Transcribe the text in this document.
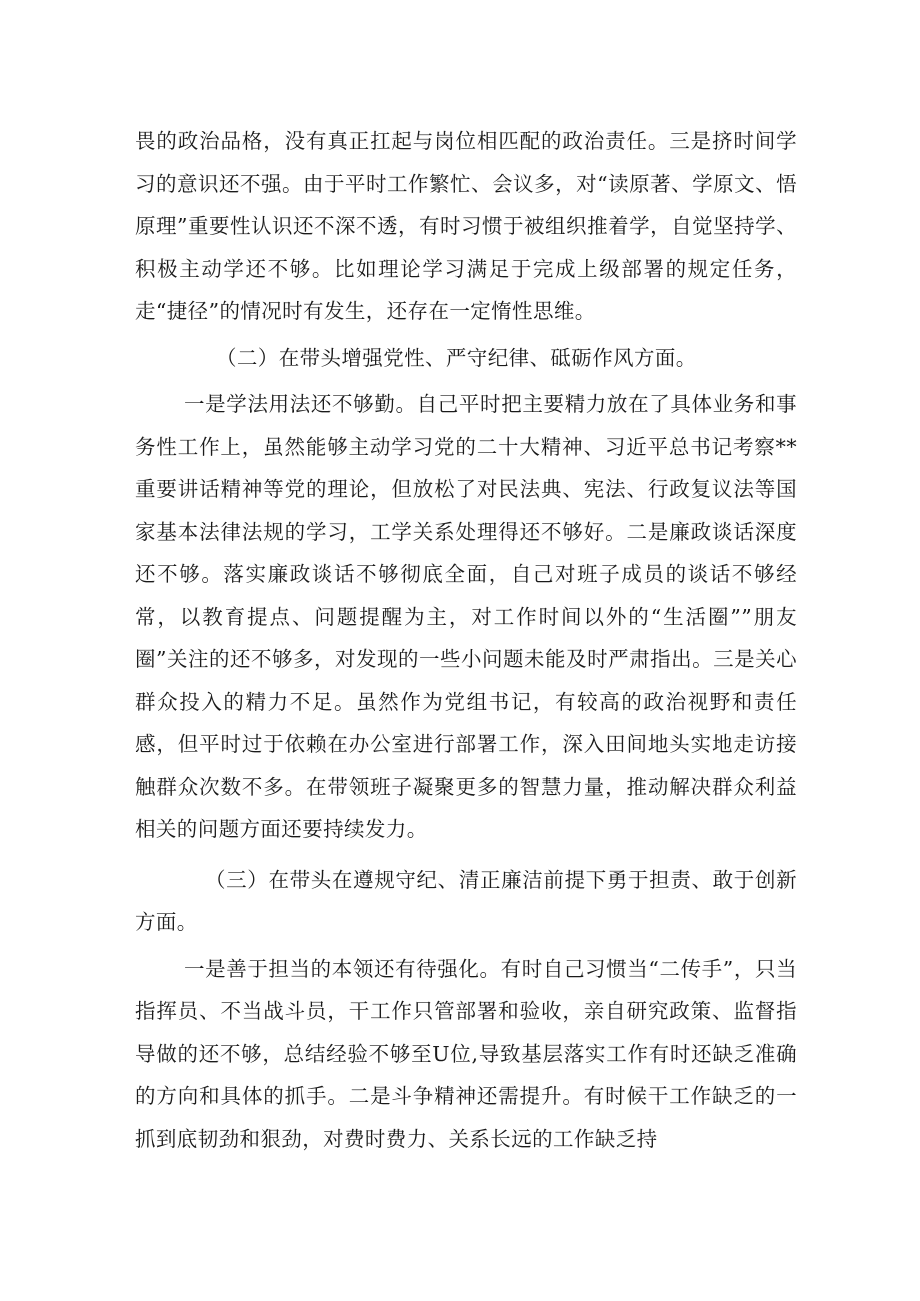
畏的政治品格，没有真正扛起与岗位相匹配的政治责任。三是挤时间学习的意识还不强。由于平时工作繁忙、会议多，对“读原著、学原文、悟原理”重要性认识还不深不透，有时习惯于被组织推着学，自觉坚持学、积极主动学还不够。比如理论学习满足于完成上级部署的规定任务，走“捷径”的情况时有发生，还存在一定惰性思维。

（二）在带头增强党性、严守纪律、砥砺作风方面。

一是学法用法还不够勤。自己平时把主要精力放在了具体业务和事务性工作上，虽然能够主动学习党的二十大精神、习近平总书记考察**重要讲话精神等党的理论，但放松了对民法典、宪法、行政复议法等国家基本法律法规的学习，工学关系处理得还不够好。二是廉政谈话深度还不够。落实廉政谈话不够彻底全面，自己对班子成员的谈话不够经常，以教育提点、问题提醒为主，对工作时间以外的“生活圈””朋友圈”关注的还不够多，对发现的一些小问题未能及时严肃指出。三是关心群众投入的精力不足。虽然作为党组书记，有较高的政治视野和责任感，但平时过于依赖在办公室进行部署工作，深入田间地头实地走访接触群众次数不多。在带领班子凝聚更多的智慧力量，推动解决群众利益相关的问题方面还要持续发力。

（三）在带头在遵规守纪、清正廉洁前提下勇于担责、敢于创新方面。

一是善于担当的本领还有待强化。有时自己习惯当“二传手”，只当指挥员、不当战斗员，干工作只管部署和验收，亲自研究政策、监督指导做的还不够，总结经验不够至U位,导致基层落实工作有时还缺乏准确的方向和具体的抓手。二是斗争精神还需提升。有时候干工作缺乏的一抓到底韧劲和狠劲，对费时费力、关系长远的工作缺乏持
